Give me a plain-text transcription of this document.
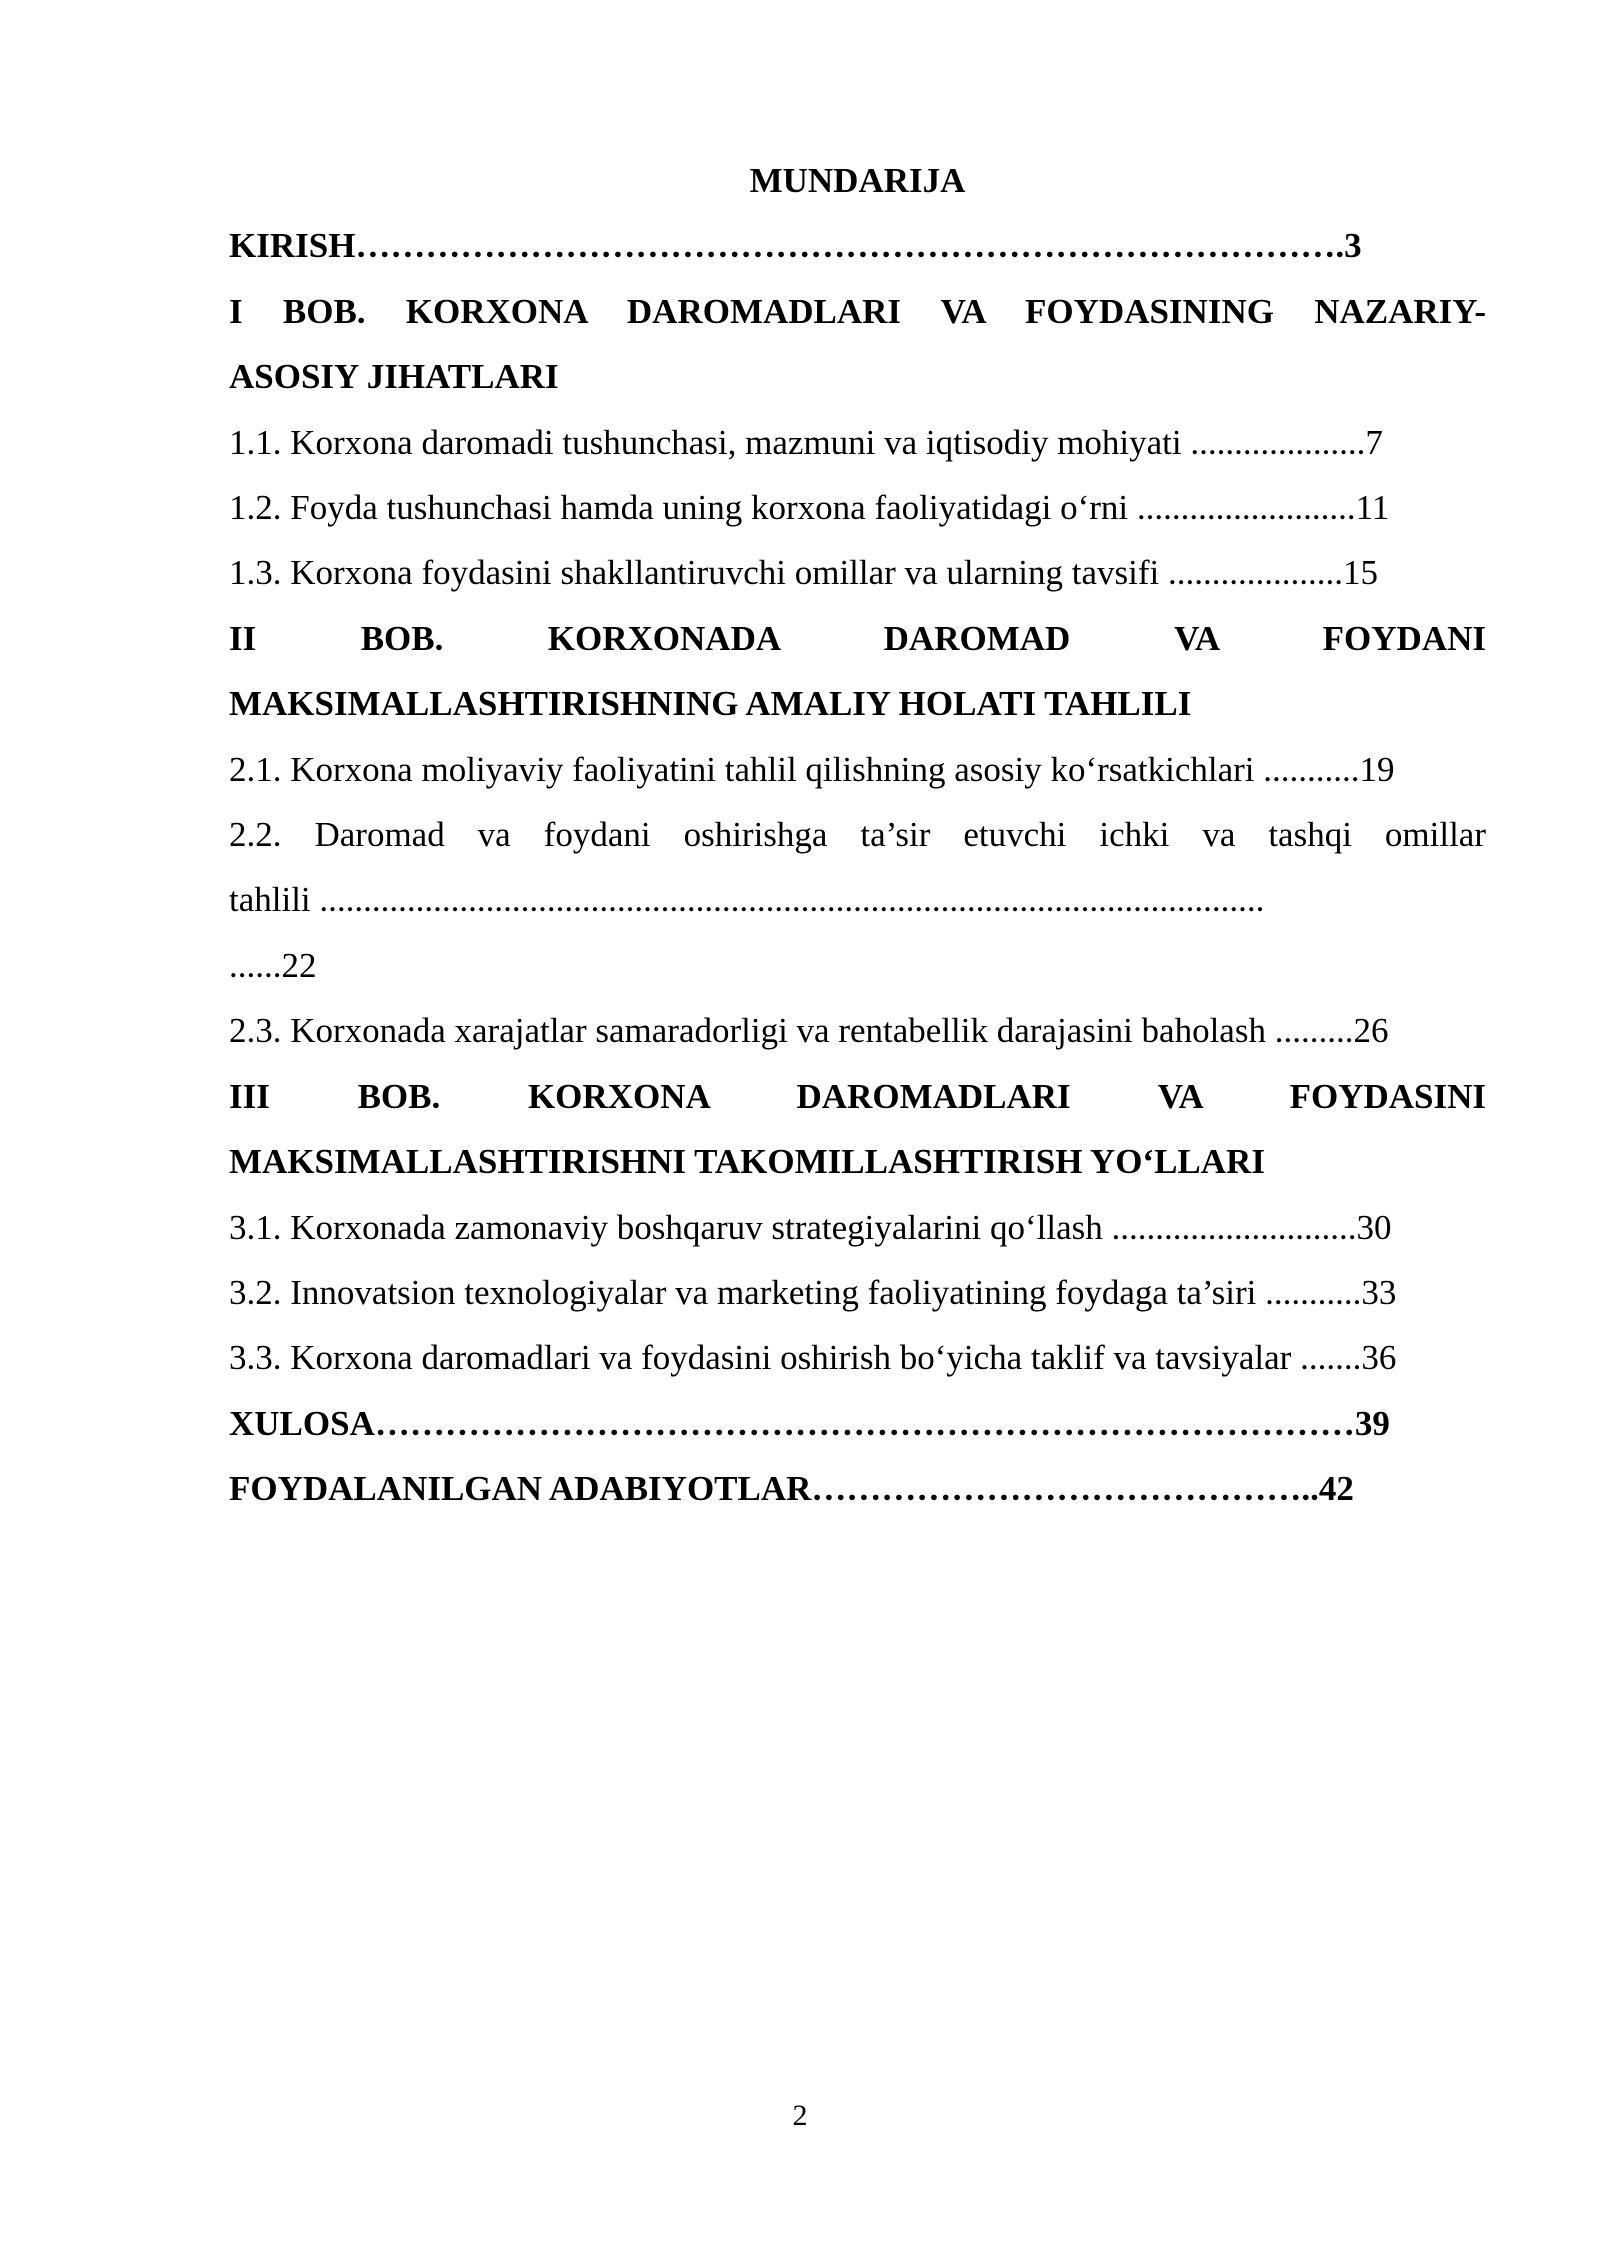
MUNDARIJA
KIRISH………………………………………………………………………….3
I BOB. KORXONA DAROMADLARI VA FOYDASINING NAZARIY-
ASOSIY JIHATLARI
1.1. Korxona daromadi tushunchasi, mazmuni va iqtisodiy mohiyati ....................7
1.2. Foyda tushunchasi hamda uning korxona faoliyatidagi o‘rni .........................11
1.3. Korxona foydasini shakllantiruvchi omillar va ularning tavsifi ....................15
II BOB. KORXONADA DAROMAD VA FOYDANI
MAKSIMALLASHTIRISHNING AMALIY HOLATI TAHLILI
2.1. Korxona moliyaviy faoliyatini tahlil qilishning asosiy ko‘rsatkichlari ...........19
2.2. Daromad va foydani oshirishga ta’sir etuvchi ichki va tashqi omillar
tahlili ............................................................................................................
......22
2.3. Korxonada xarajatlar samaradorligi va rentabellik darajasini baholash .........26
III BOB. KORXONA DAROMADLARI VA FOYDASINI
MAKSIMALLASHTIRISHNI TAKOMILLASHTIRISH YO‘LLARI
3.1. Korxonada zamonaviy boshqaruv strategiyalarini qo‘llash ............................30
3.2. Innovatsion texnologiyalar va marketing faoliyatining foydaga ta’siri ...........33
3.3. Korxona daromadlari va foydasini oshirish bo‘yicha taklif va tavsiyalar .......36
XULOSA…………………………………………………………………………39
FOYDALANILGAN ADABIYOTLAR……………………………………..42
2
